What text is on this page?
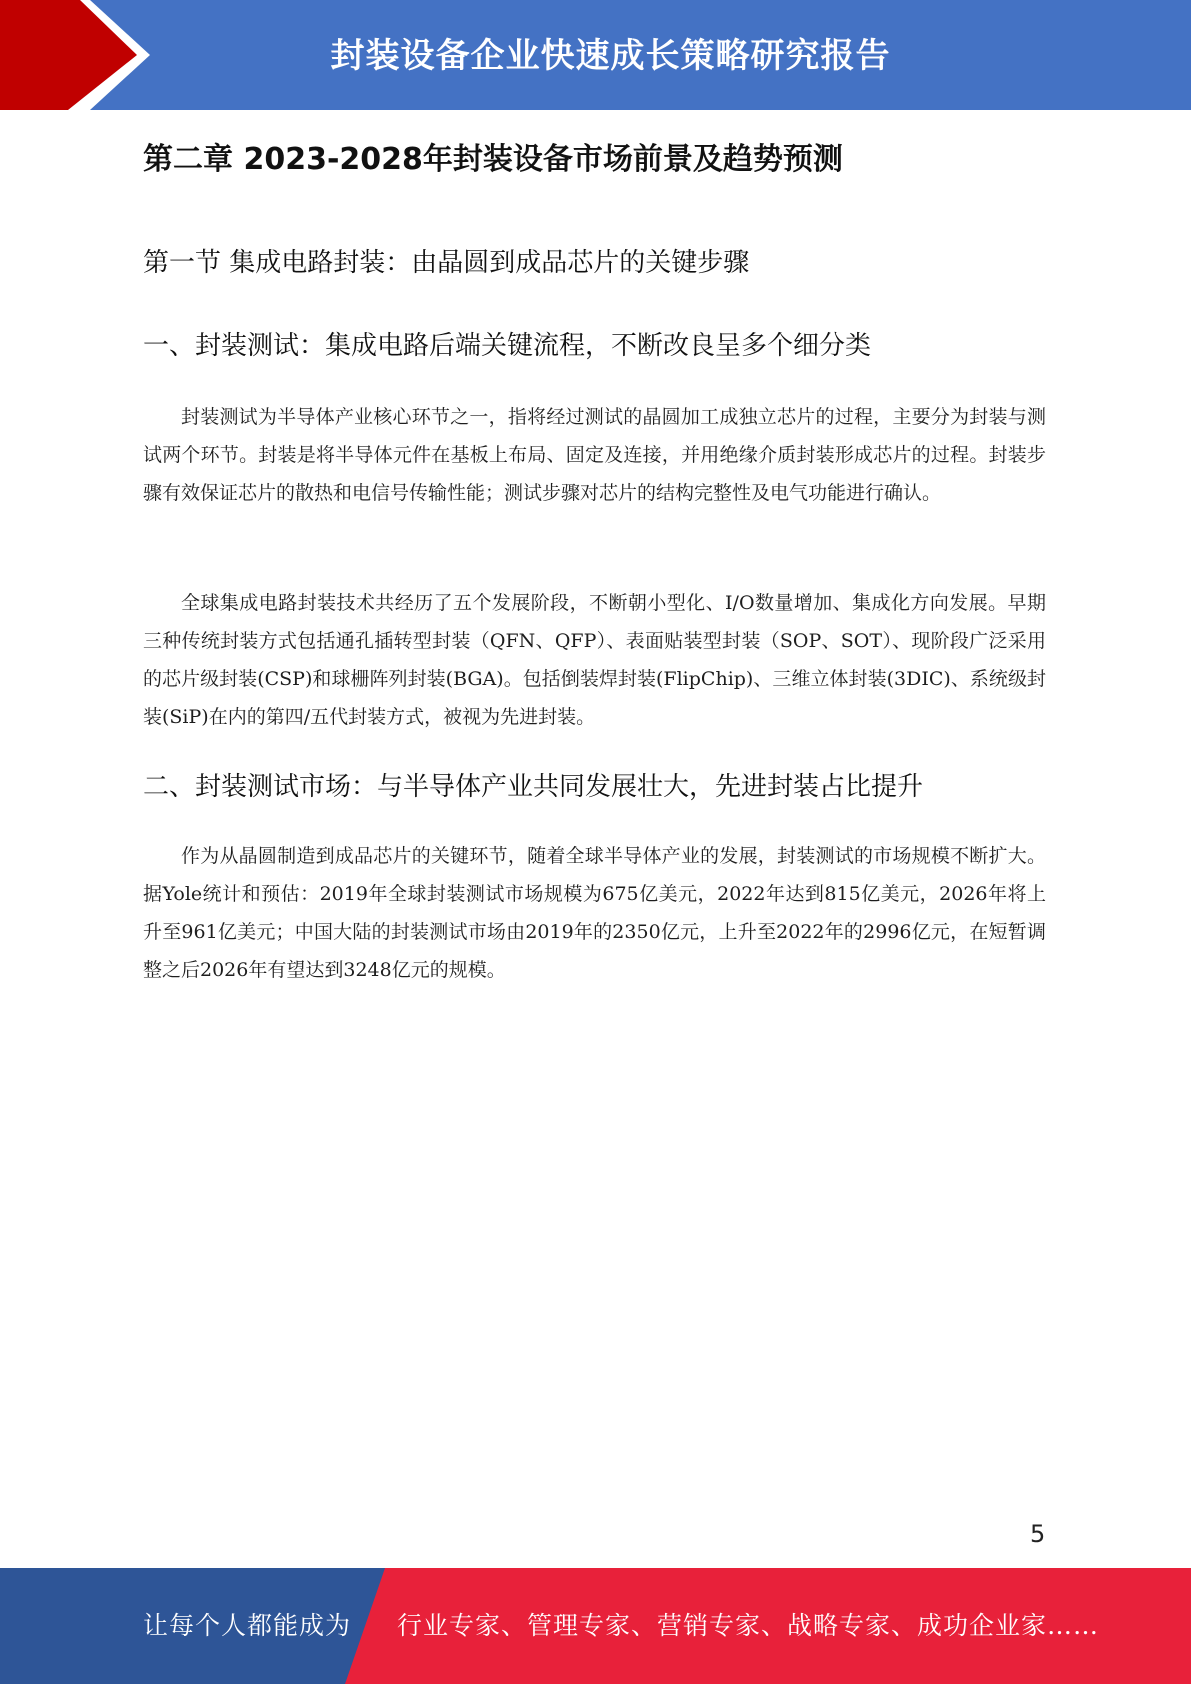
封装设备企业快速成长策略研究报告
第二章 2023-2028年封装设备市场前景及趋势预测
第一节 集成电路封装：由晶圆到成品芯片的关键步骤
一、封装测试：集成电路后端关键流程，不断改良呈多个细分类

封装测试为半导体产业核心环节之一，指将经过测试的晶圆加工成独立芯片的过程，主要分为封装与测试两个环节。封装是将半导体元件在基板上布局、固定及连接，并用绝缘介质封装形成芯片的过程。封装步骤有效保证芯片的散热和电信号传输性能；测试步骤对芯片的结构完整性及电气功能进行确认。

全球集成电路封装技术共经历了五个发展阶段，不断朝小型化、I/O数量增加、集成化方向发展。早期三种传统封装方式包括通孔插转型封装（QFN、QFP）、表面贴装型封装（SOP、SOT）、现阶段广泛采用的芯片级封装(CSP)和球栅阵列封装(BGA)。包括倒装焊封装(FlipChip)、三维立体封装(3DIC)、系统级封装(SiP)在内的第四/五代封装方式，被视为先进封装。

二、封装测试市场：与半导体产业共同发展壮大，先进封装占比提升

作为从晶圆制造到成品芯片的关键环节，随着全球半导体产业的发展，封装测试的市场规模不断扩大。据Yole统计和预估：2019年全球封装测试市场规模为675亿美元，2022年达到815亿美元，2026年将上升至961亿美元；中国大陆的封装测试市场由2019年的2350亿元，上升至2022年的2996亿元，在短暂调整之后2026年有望达到3248亿元的规模。

5
让每个人都能成为 行业专家、管理专家、营销专家、战略专家、成功企业家……
